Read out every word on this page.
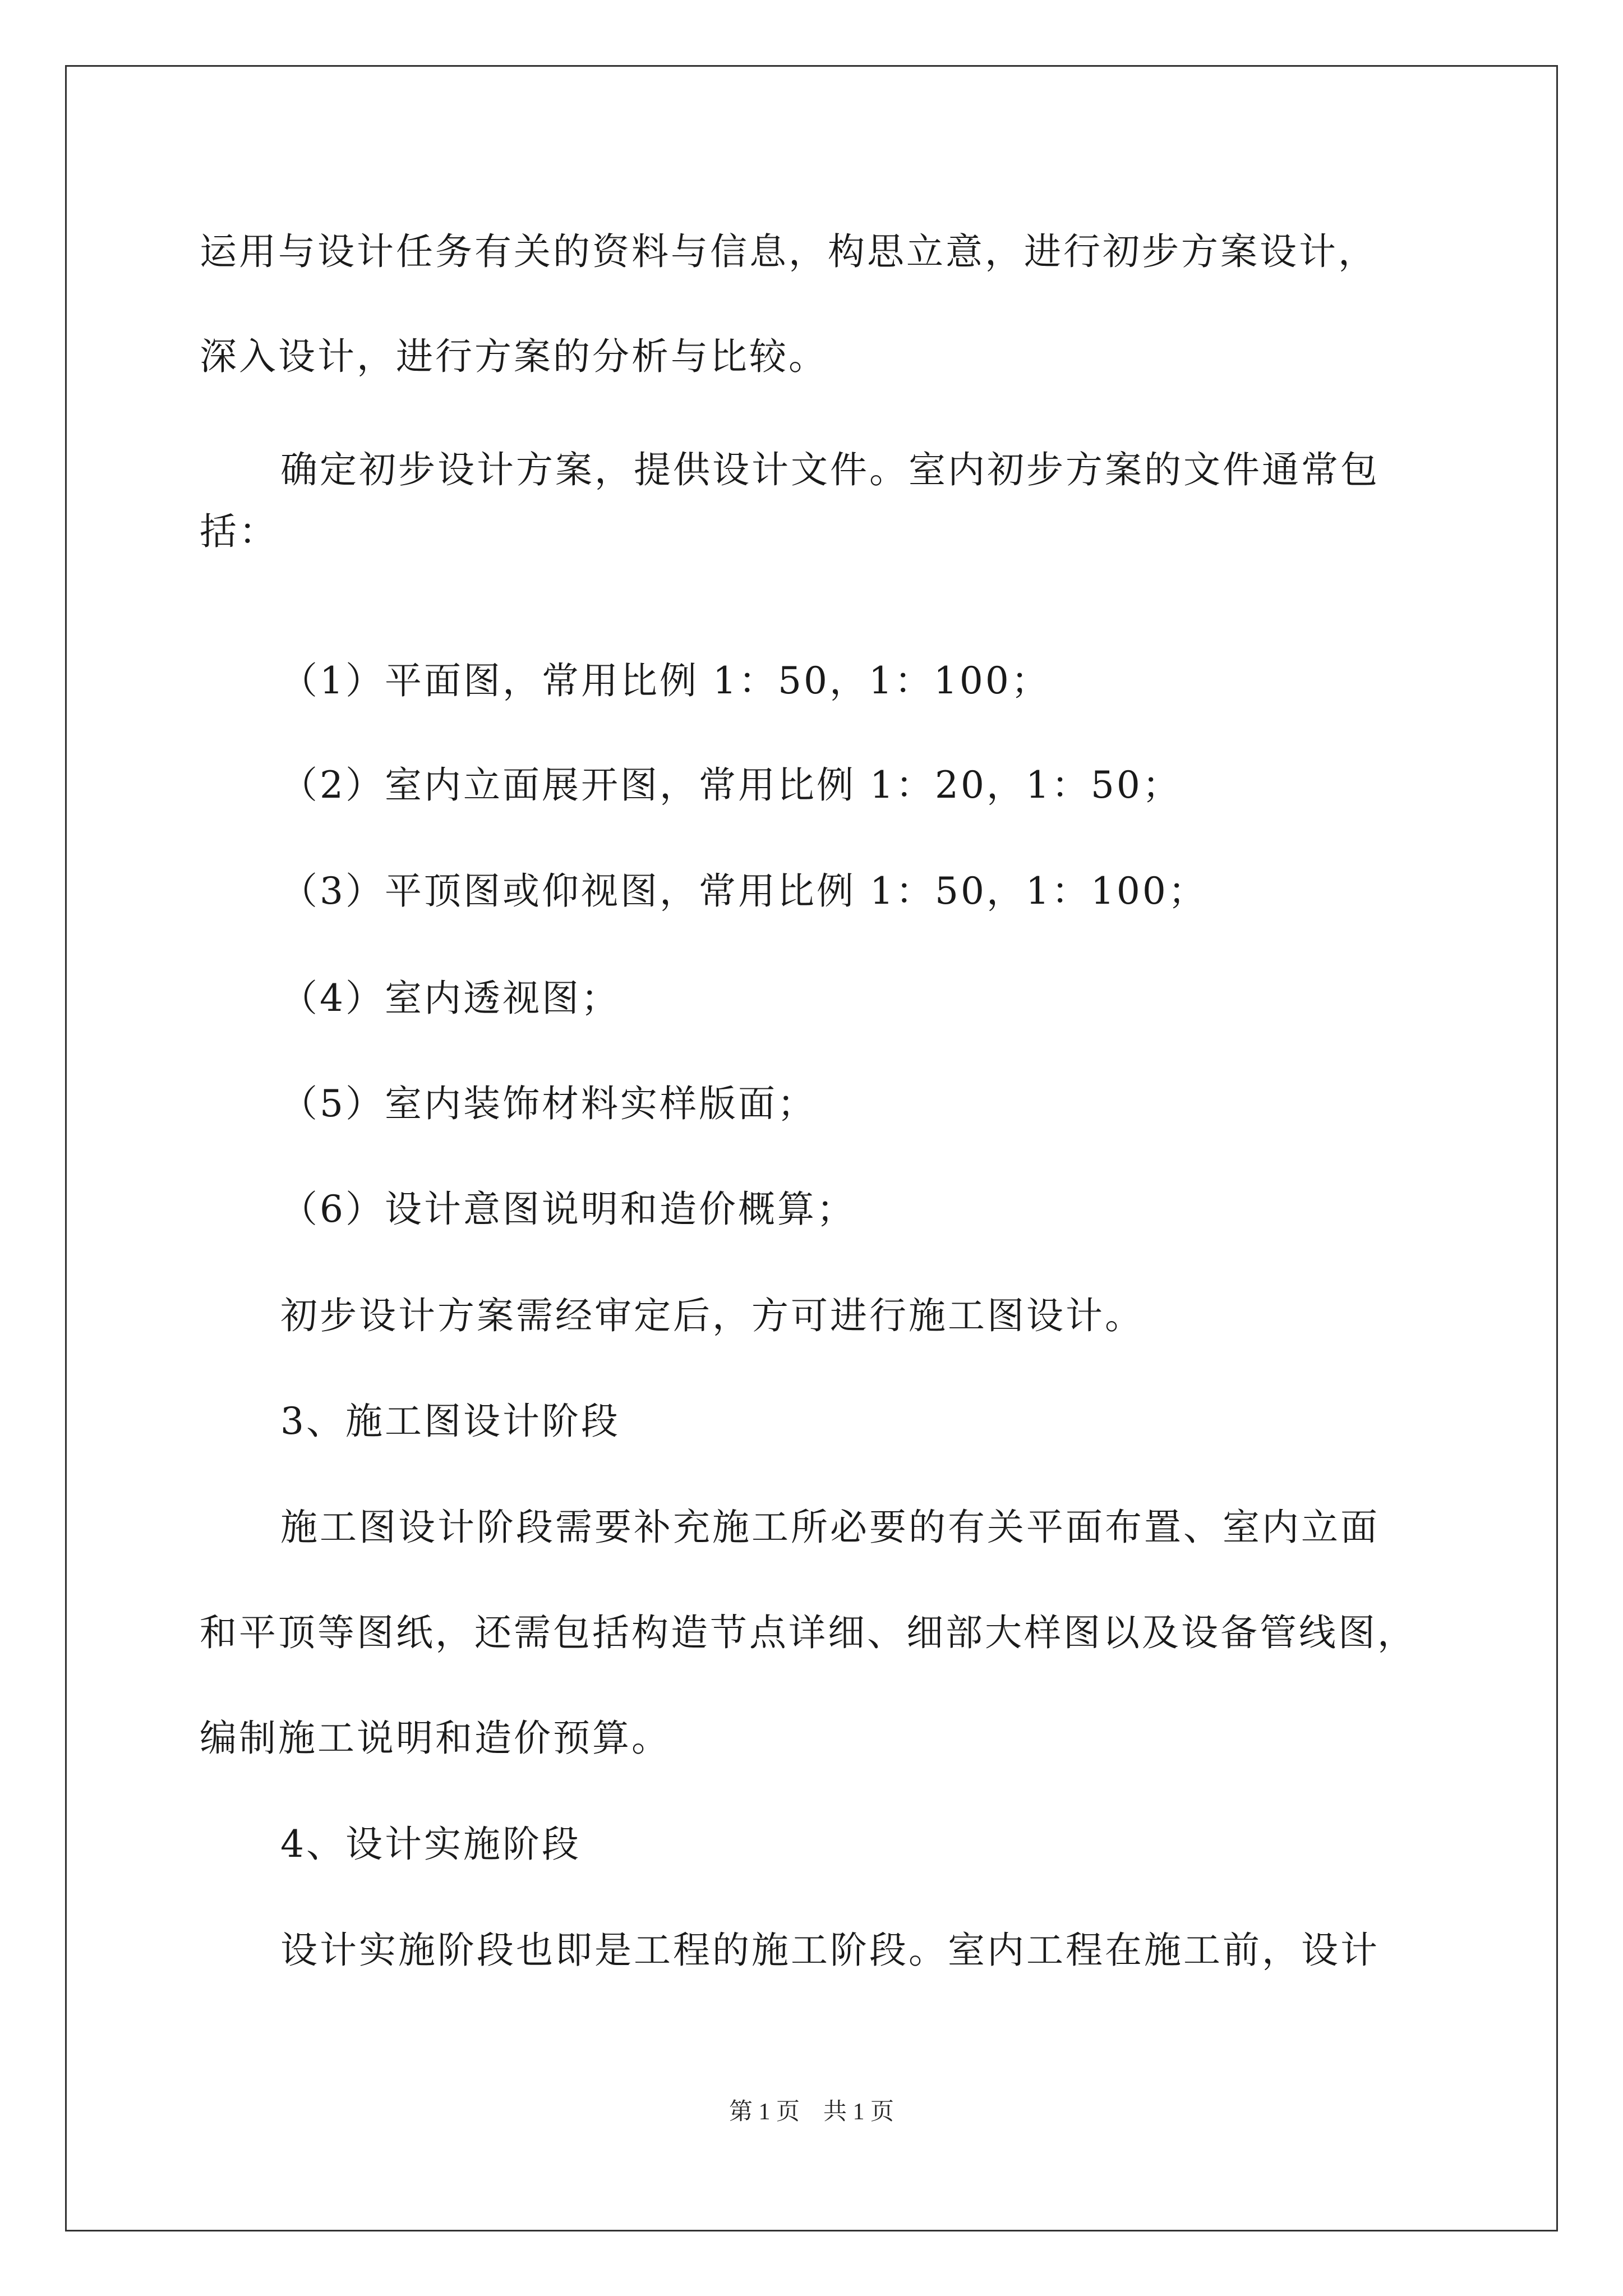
运用与设计任务有关的资料与信息，构思立意，进行初步方案设计，
深入设计，进行方案的分析与比较。
确定初步设计方案，提供设计文件。室内初步方案的文件通常包
括：
（1）平面图，常用比例 1：50，1：100；
（2）室内立面展开图，常用比例 1：20，1：50；
（3）平顶图或仰视图，常用比例 1：50，1：100；
（4）室内透视图；
（5）室内装饰材料实样版面；
（6）设计意图说明和造价概算；
初步设计方案需经审定后，方可进行施工图设计。
3、施工图设计阶段
施工图设计阶段需要补充施工所必要的有关平面布置、室内立面
和平顶等图纸，还需包括构造节点详细、细部大样图以及设备管线图，
编制施工说明和造价预算。
4、设计实施阶段
设计实施阶段也即是工程的施工阶段。室内工程在施工前，设计
第 1 页　共 1 页
